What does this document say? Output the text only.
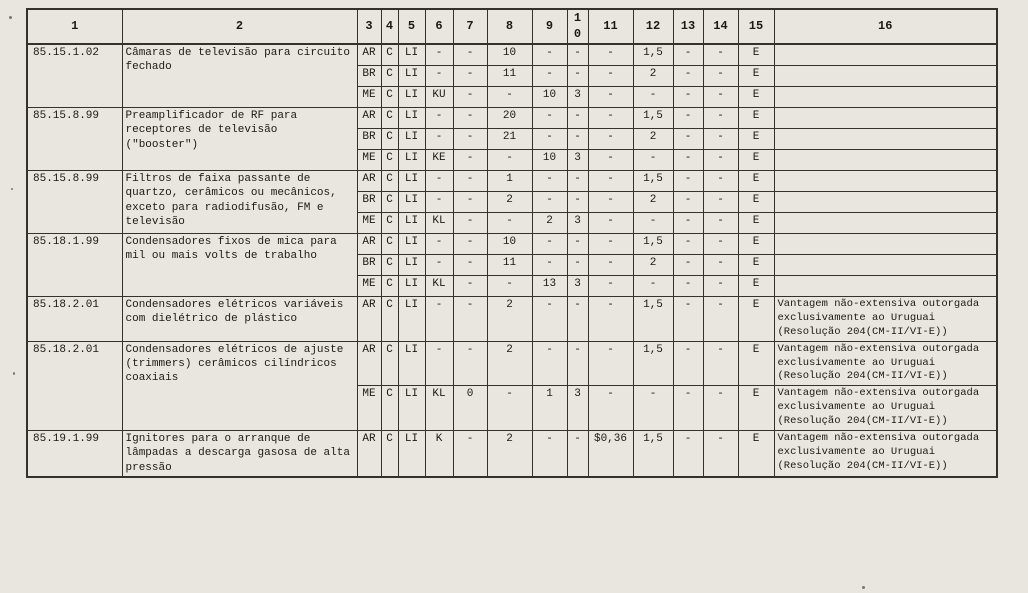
1	2	3	4	5	6	7	8	9	10	11	12	13	14	15	16
85.15.1.02	Câmaras de televisão para circuito fechado	AR	C	LI	-	-	10	-	-	-	1,5	-	-	E	
		BR	C	LI	-	-	11	-	-	-	2	-	-	E	
		ME	C	LI	KU	-	-	10	3	-	-	-	-	E	
85.15.8.99	Preamplificador de RF para receptores de televisão ("booster")	AR	C	LI	-	-	20	-	-	-	1,5	-	-	E	
		BR	C	LI	-	-	21	-	-	-	2	-	-	E	
		ME	C	LI	KE	-	-	10	3	-	-	-	-	E	
85.15.8.99	Filtros de faixa passante de quartzo, cerâmicos ou mecânicos, exceto para radiodifusão, FM e televisão	AR	C	LI	-	-	1	-	-	-	1,5	-	-	E	
		BR	C	LI	-	-	2	-	-	-	2	-	-	E	
		ME	C	LI	KL	-	-	2	3	-	-	-	-	E	
85.18.1.99	Condensadores fixos de mica para mil ou mais volts de trabalho	AR	C	LI	-	-	10	-	-	-	1,5	-	-	E	
		BR	C	LI	-	-	11	-	-	-	2	-	-	E	
		ME	C	LI	KL	-	-	13	3	-	-	-	-	E	
85.18.2.01	Condensadores elétricos variáveis com dielétrico de plástico	AR	C	LI	-	-	2	-	-	-	1,5	-	-	E	Vantagem não-extensiva outorgada exclusivamente ao Uruguai (Resolução 204(CM-II/VI-E))
85.18.2.01	Condensadores elétricos de ajuste (trimmers) cerâmicos cilíndricos coaxiais	AR	C	LI	-	-	2	-	-	-	1,5	-	-	E	Vantagem não-extensiva outorgada exclusivamente ao Uruguai (Resolução 204(CM-II/VI-E))
		ME	C	LI	KL	0	-	1	3	-	-	-	-	E	Vantagem não-extensiva outorgada exclusivamente ao Uruguai (Resolução 204(CM-II/VI-E))
85.19.1.99	Ignitores para o arranque de lâmpadas a descarga gasosa de alta pressão	AR	C	LI	K	-	2	-	-	$0,36	1,5	-	-	E	Vantagem não-extensiva outorgada exclusivamente ao Uruguai (Resolução 204(CM-II/VI-E))
